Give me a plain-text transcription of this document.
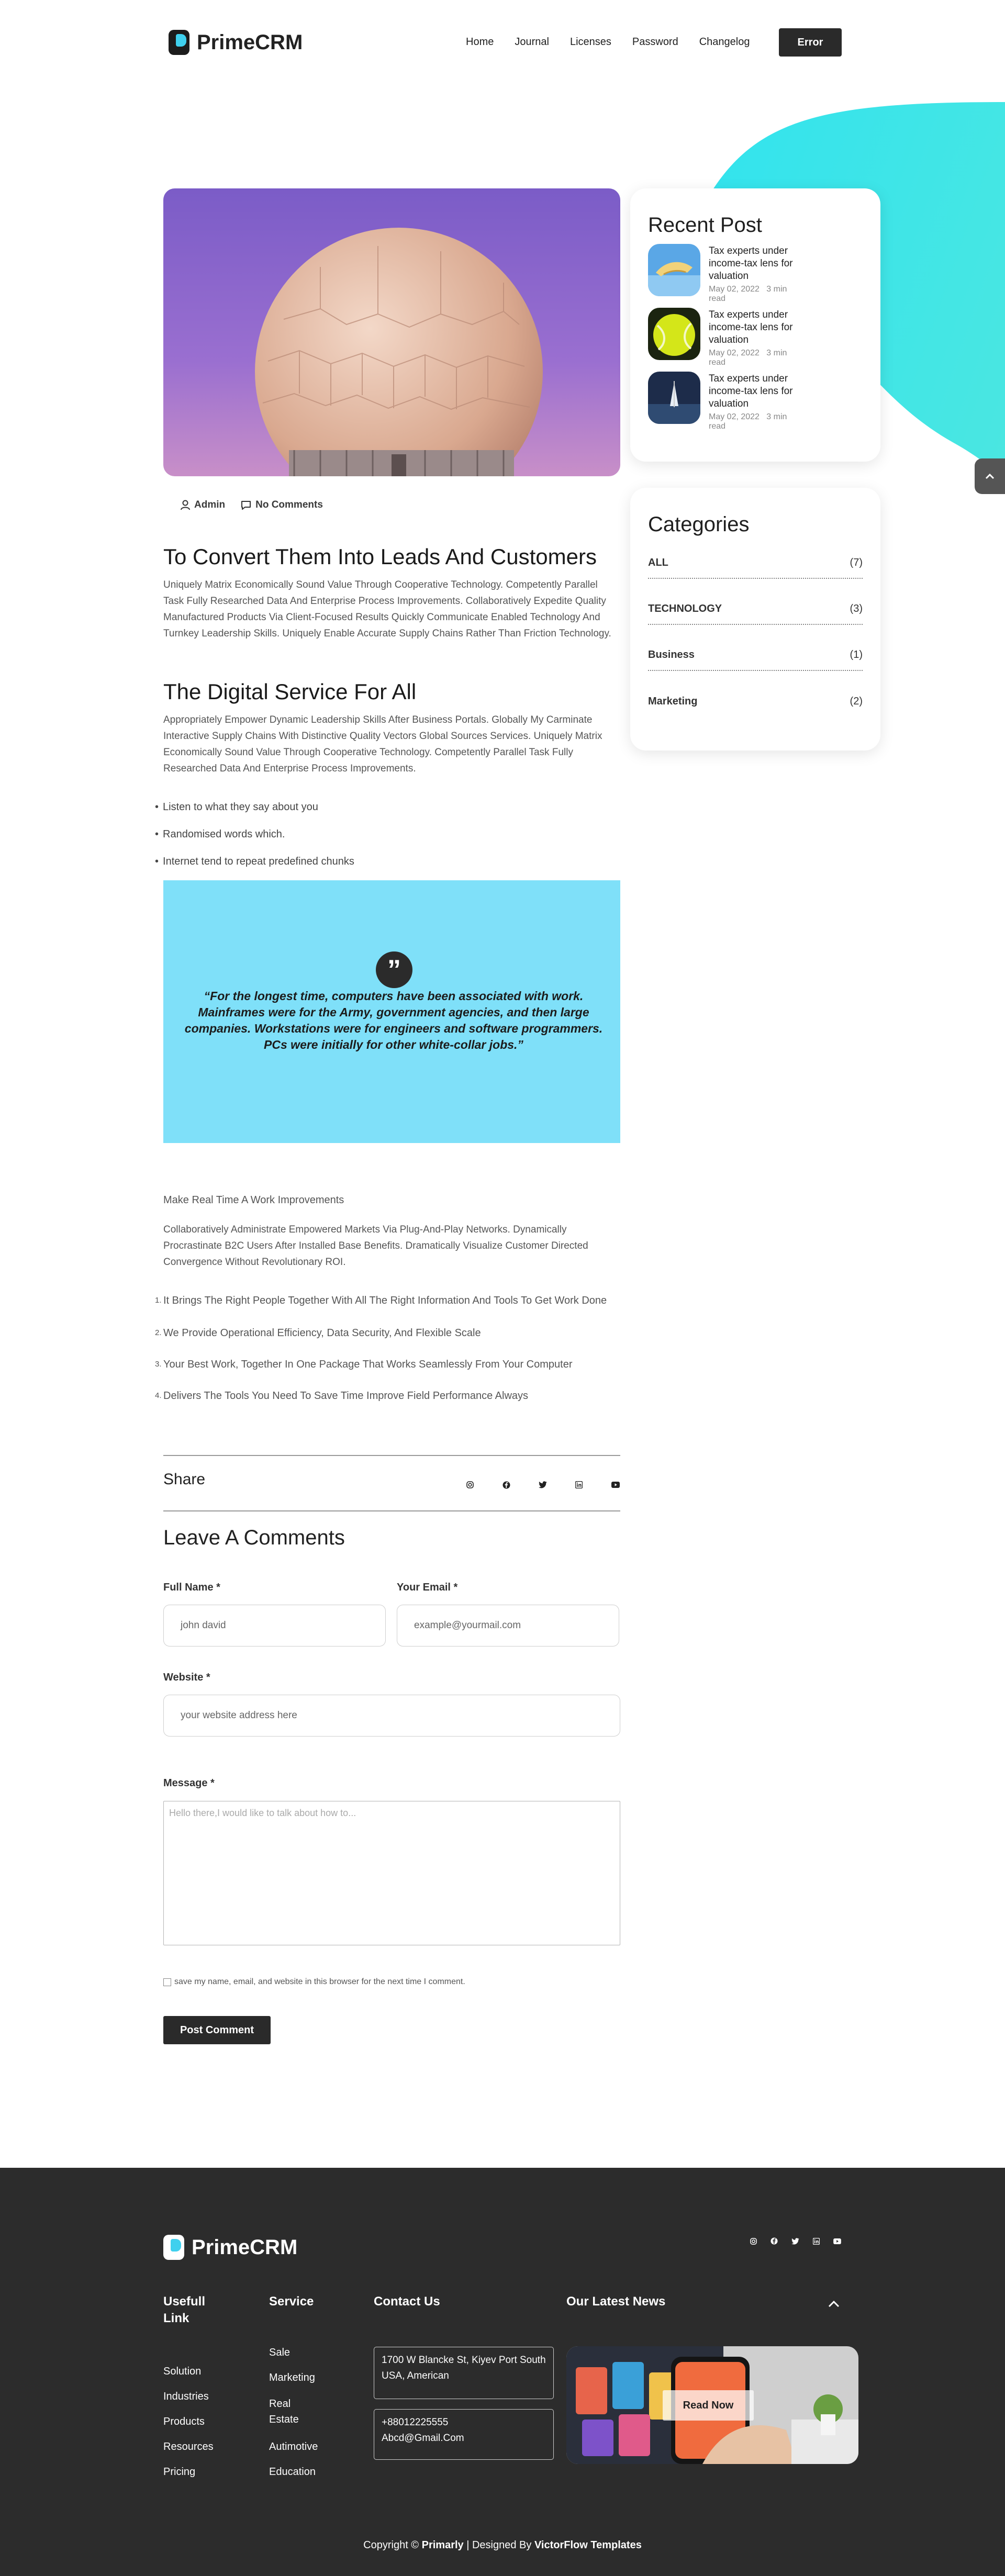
PrimeCRM	Home Journal Licenses Password Changelog	Error
Admin	No Comments
To Convert Them Into Leads And Customers

Uniquely Matrix Economically Sound Value Through Cooperative Technology. Competently Parallel Task Fully Researched Data And Enterprise Process Improvements. Collaboratively Expedite Quality Manufactured Products Via Client-Focused Results Quickly Communicate Enabled Technology And Turnkey Leadership Skills. Uniquely Enable Accurate Supply Chains Rather Than Friction Technology.

The Digital Service For All

Appropriately Empower Dynamic Leadership Skills After Business Portals. Globally My Carminate Interactive Supply Chains With Distinctive Quality Vectors Global Sources Services. Uniquely Matrix Economically Sound Value Through Cooperative Technology. Competently Parallel Task Fully Researched Data And Enterprise Process Improvements.

• Listen to what they say about you
• Randomised words which.
• Internet tend to repeat predefined chunks
”
“For the longest time, computers have been associated with work. Mainframes were for the Army, government agencies, and then large companies. Workstations were for engineers and software programmers. PCs were initially for other white-collar jobs.”

Make Real Time A Work Improvements

Collaboratively Administrate Empowered Markets Via Plug-And-Play Networks. Dynamically Procrastinate B2C Users After Installed Base Benefits. Dramatically Visualize Customer Directed Convergence Without Revolutionary ROI.

1. It Brings The Right People Together With All The Right Information And Tools To Get Work Done
2. We Provide Operational Efficiency, Data Security, And Flexible Scale
3. Your Best Work, Together In One Package That Works Seamlessly From Your Computer
4. Delivers The Tools You Need To Save Time Improve Field Performance Always
Share
Leave A Comments
Full Name *	Your Email *
john david	example@yourmail.com
Website *
your website address here
Message *
Hello there,I would like to talk about how to...
save my name, email, and website in this browser for the next time I comment.
Post Comment
Recent Post
Tax experts under income-tax lens for valuation
May 02, 2022 3 min read
Tax experts under income-tax lens for valuation
May 02, 2022 3 min read
Tax experts under income-tax lens for valuation
May 02, 2022 3 min read
Categories
ALL	(7)
TECHNOLOGY	(3)
Business	(1)
Marketing	(2)
PrimeCRM
Usefull Link
Solution
Industries
Products
Resources
Pricing
Service
Sale
Marketing
Real Estate
Autimotive
Education
Contact Us
1700 W Blancke St, Kiyev Port South USA, American
+88012225555
Abcd@Gmail.Com
Our Latest News
Read Now
Copyright © Primarly | Designed By VictorFlow Templates
